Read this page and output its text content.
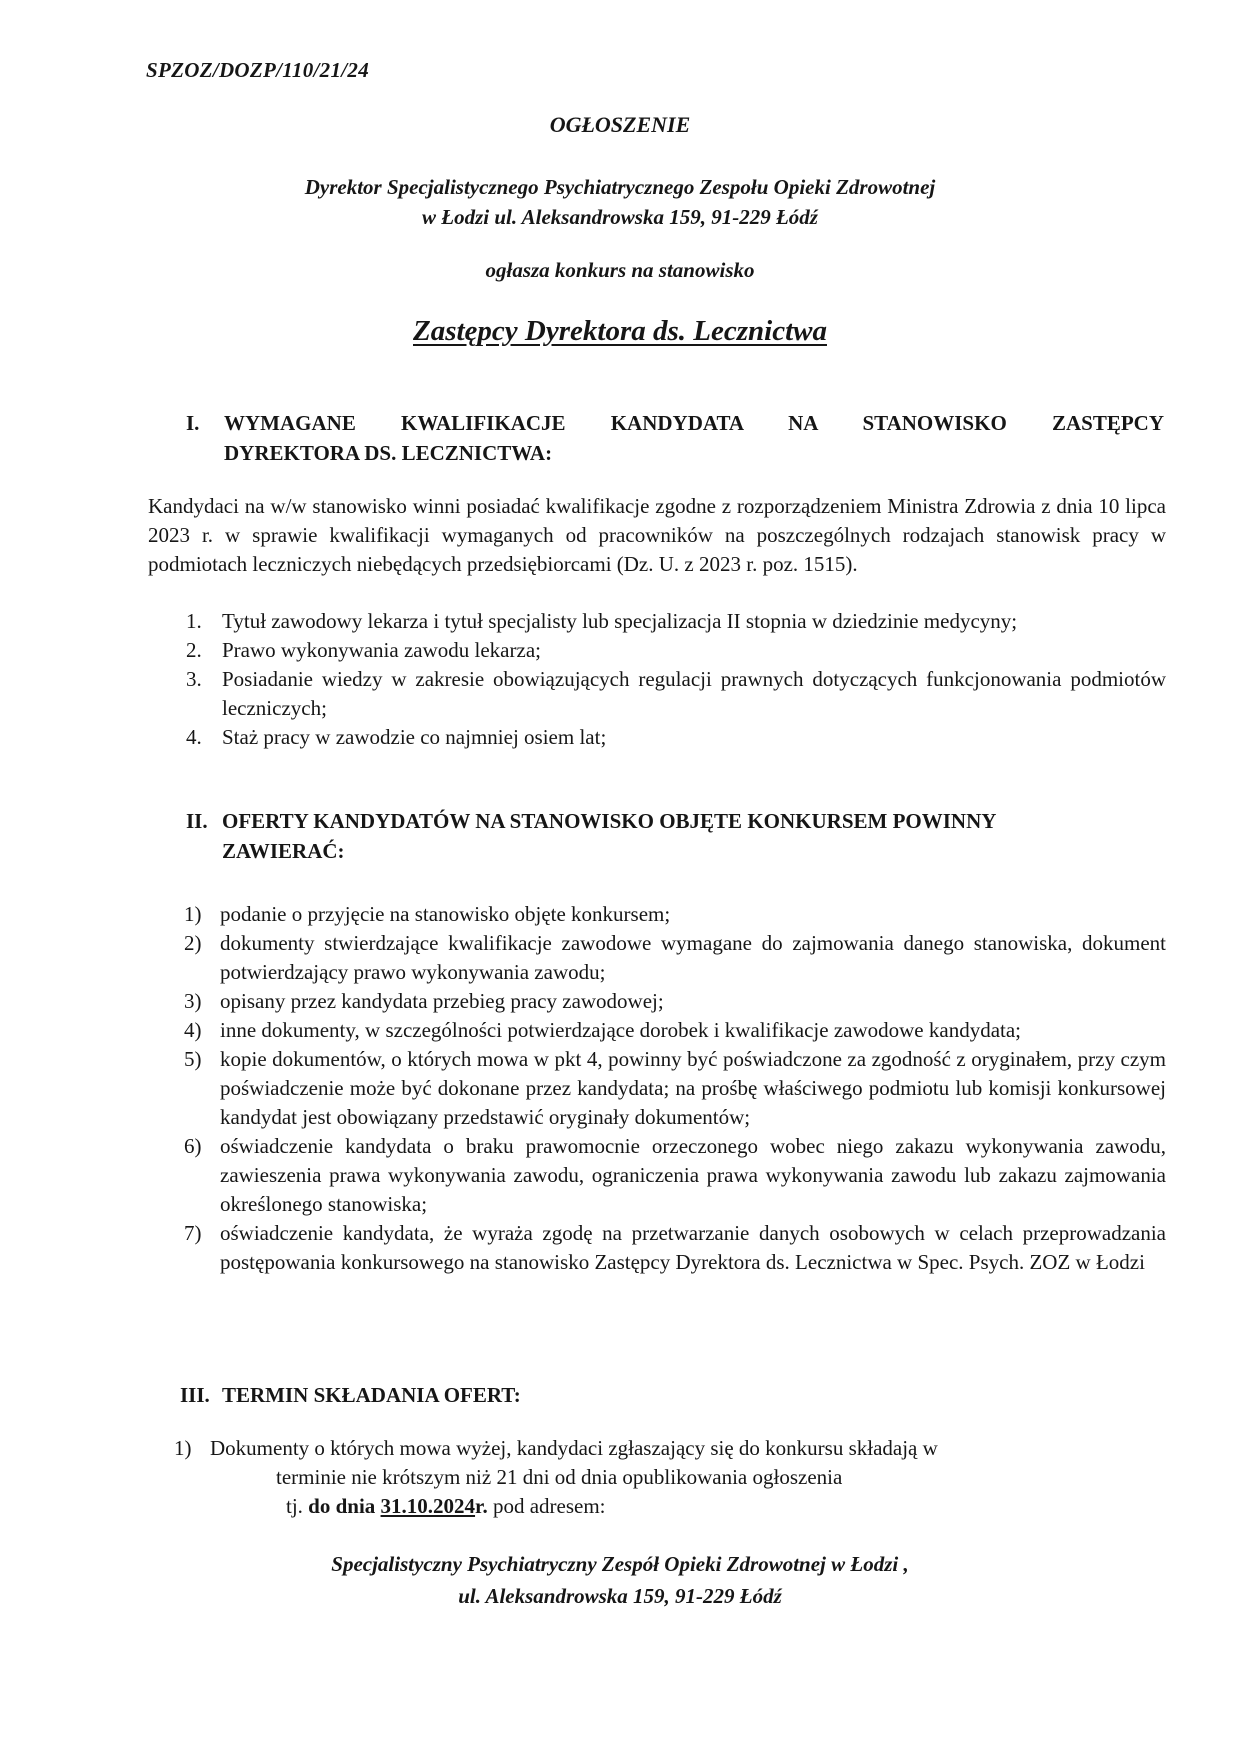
SPZOZ/DOZP/110/21/24
OGŁOSZENIE
Dyrektor Specjalistycznego Psychiatrycznego Zespołu Opieki Zdrowotnej
w Łodzi ul. Aleksandrowska 159, 91-229 Łódź
ogłasza konkurs na stanowisko
Zastępcy Dyrektora ds. Lecznictwa
I. WYMAGANE KWALIFIKACJE KANDYDATA NA STANOWISKO ZASTĘPCY
DYREKTORA DS. LECZNICTWA:
Kandydaci na w/w stanowisko winni posiadać kwalifikacje zgodne z rozporządzeniem Ministra Zdrowia z dnia 10 lipca 2023 r. w sprawie kwalifikacji wymaganych od pracowników na poszczególnych rodzajach stanowisk pracy w podmiotach leczniczych niebędących przedsiębiorcami (Dz. U. z 2023 r. poz. 1515).
1. Tytuł zawodowy lekarza i tytuł specjalisty lub specjalizacja II stopnia w dziedzinie medycyny;
2. Prawo wykonywania zawodu lekarza;
3. Posiadanie wiedzy w zakresie obowiązujących regulacji prawnych dotyczących funkcjonowania podmiotów leczniczych;
4. Staż pracy w zawodzie co najmniej osiem lat;
II. OFERTY KANDYDATÓW NA STANOWISKO OBJĘTE KONKURSEM POWINNY
ZAWIERAĆ:
1) podanie o przyjęcie na stanowisko objęte konkursem;
2) dokumenty stwierdzające kwalifikacje zawodowe wymagane do zajmowania danego stanowiska, dokument potwierdzający prawo wykonywania zawodu;
3) opisany przez kandydata przebieg pracy zawodowej;
4) inne dokumenty, w szczególności potwierdzające dorobek i kwalifikacje zawodowe kandydata;
5) kopie dokumentów, o których mowa w pkt 4, powinny być poświadczone za zgodność z oryginałem, przy czym poświadczenie może być dokonane przez kandydata; na prośbę właściwego podmiotu lub komisji konkursowej kandydat jest obowiązany przedstawić oryginały dokumentów;
6) oświadczenie kandydata o braku prawomocnie orzeczonego wobec niego zakazu wykonywania zawodu, zawieszenia prawa wykonywania zawodu, ograniczenia prawa wykonywania zawodu lub zakazu zajmowania określonego stanowiska;
7) oświadczenie kandydata, że wyraża zgodę na przetwarzanie danych osobowych w celach przeprowadzania postępowania konkursowego na stanowisko Zastępcy Dyrektora ds. Lecznictwa w Spec. Psych. ZOZ w Łodzi
III. TERMIN SKŁADANIA OFERT:
1) Dokumenty o których mowa wyżej, kandydaci zgłaszający się do konkursu składają w
terminie nie krótszym niż 21 dni od dnia opublikowania ogłoszenia
tj. do dnia 31.10.2024r. pod adresem:
Specjalistyczny Psychiatryczny Zespół Opieki Zdrowotnej w Łodzi ,
ul. Aleksandrowska 159, 91-229 Łódź
